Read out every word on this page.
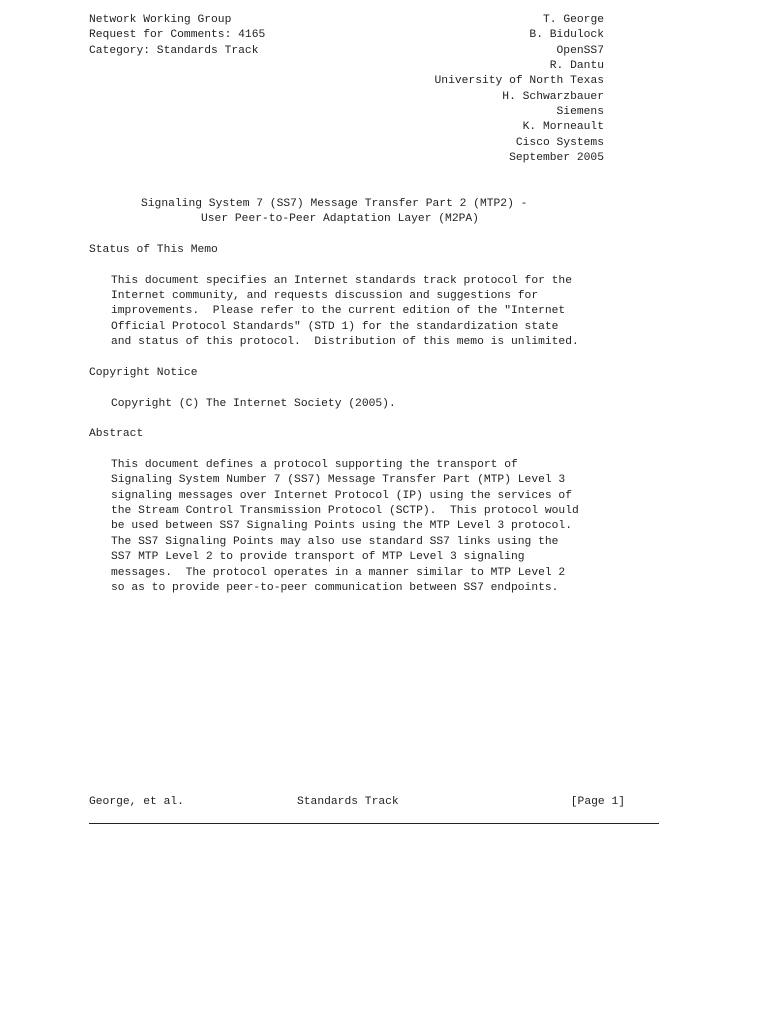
Network Working Group
Request for Comments: 4165
Category: Standards Track
T. George
B. Bidulock
OpenSS7
R. Dantu
University of North Texas
H. Schwarzbauer
Siemens
K. Morneault
Cisco Systems
September 2005
Signaling System 7 (SS7) Message Transfer Part 2 (MTP2) -
User Peer-to-Peer Adaptation Layer (M2PA)
Status of This Memo
This document specifies an Internet standards track protocol for the
Internet community, and requests discussion and suggestions for
improvements.  Please refer to the current edition of the "Internet
Official Protocol Standards" (STD 1) for the standardization state
and status of this protocol.  Distribution of this memo is unlimited.
Copyright Notice
Copyright (C) The Internet Society (2005).
Abstract
This document defines a protocol supporting the transport of
Signaling System Number 7 (SS7) Message Transfer Part (MTP) Level 3
signaling messages over Internet Protocol (IP) using the services of
the Stream Control Transmission Protocol (SCTP).  This protocol would
be used between SS7 Signaling Points using the MTP Level 3 protocol.
The SS7 Signaling Points may also use standard SS7 links using the
SS7 MTP Level 2 to provide transport of MTP Level 3 signaling
messages.  The protocol operates in a manner similar to MTP Level 2
so as to provide peer-to-peer communication between SS7 endpoints.
George, et al.	Standards Track	[Page 1]
